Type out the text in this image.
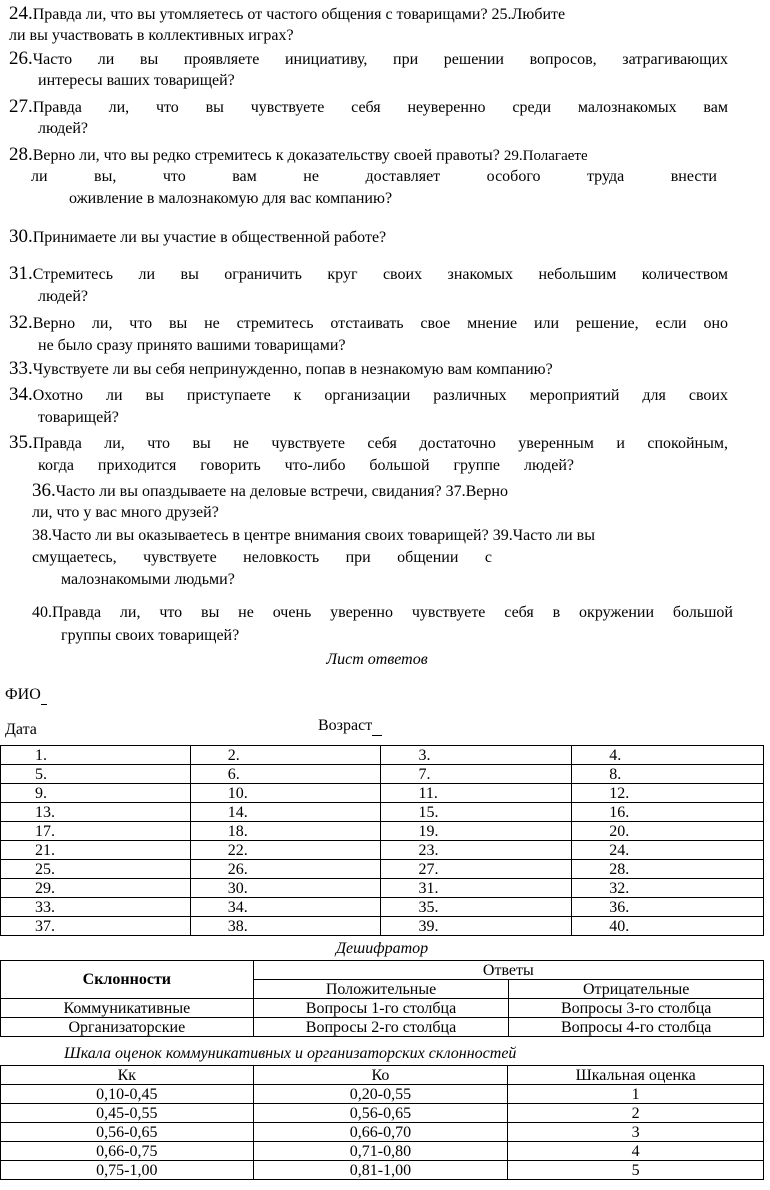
24.Правда ли, что вы утомляетесь от частого общения с товарищами? 25.Любите
ли вы участвовать в коллективных играх?
26.Часто ли вы проявляете инициативу, при решении вопросов, затрагивающих
интересы ваших товарищей?
27.Правда ли, что вы чувствуете себя неуверенно среди малознакомых вам
людей?
28.Верно ли, что вы редко стремитесь к доказательству своей правоты? 29.Полагаете
ли вы, что вам не доставляет особого труда внести
оживление в малознакомую для вас компанию?
30.Принимаете ли вы участие в общественной работе?
31.Стремитесь ли вы ограничить круг своих знакомых небольшим количеством
людей?
32.Верно ли, что вы не стремитесь отстаивать свое мнение или решение, если оно
не было сразу принято вашими товарищами?
33.Чувствуете ли вы себя непринужденно, попав в незнакомую вам компанию?
34.Охотно ли вы приступаете к организации различных мероприятий для своих
товарищей?
35.Правда ли, что вы не чувствуете себя достаточно уверенным и спокойным,
когда приходится говорить что-либо большой группе людей?
36.Часто ли вы опаздываете на деловые встречи, свидания? 37.Верно
ли, что у вас много друзей?
38.Часто ли вы оказываетесь в центре внимания своих товарищей? 39.Часто ли вы
смущаетесь, чувствуете неловкость при общении с
малознакомыми людьми?
40.Правда ли, что вы не очень уверенно чувствуете себя в окружении большой
группы своих товарищей?
Лист ответов
ФИО
Дата	Возраст
1.	2.	3.	4.
5.	6.	7.	8.
9.	10.	11.	12.
13.	14.	15.	16.
17.	18.	19.	20.
21.	22.	23.	24.
25.	26.	27.	28.
29.	30.	31.	32.
33.	34.	35.	36.
37.	38.	39.	40.
Дешифратор
Склонности	Ответы	
	Положительные	Отрицательные
Коммуникативные	Вопросы 1-го столбца	Вопросы 3-го столбца
Организаторские	Вопросы 2-го столбца	Вопросы 4-го столбца
Шкала оценок коммуникативных и организаторских склонностей
Кк	Ко	Шкальная оценка
0,10-0,45	0,20-0,55	1
0,45-0,55	0,56-0,65	2
0,56-0,65	0,66-0,70	3
0,66-0,75	0,71-0,80	4
0,75-1,00	0,81-1,00	5
